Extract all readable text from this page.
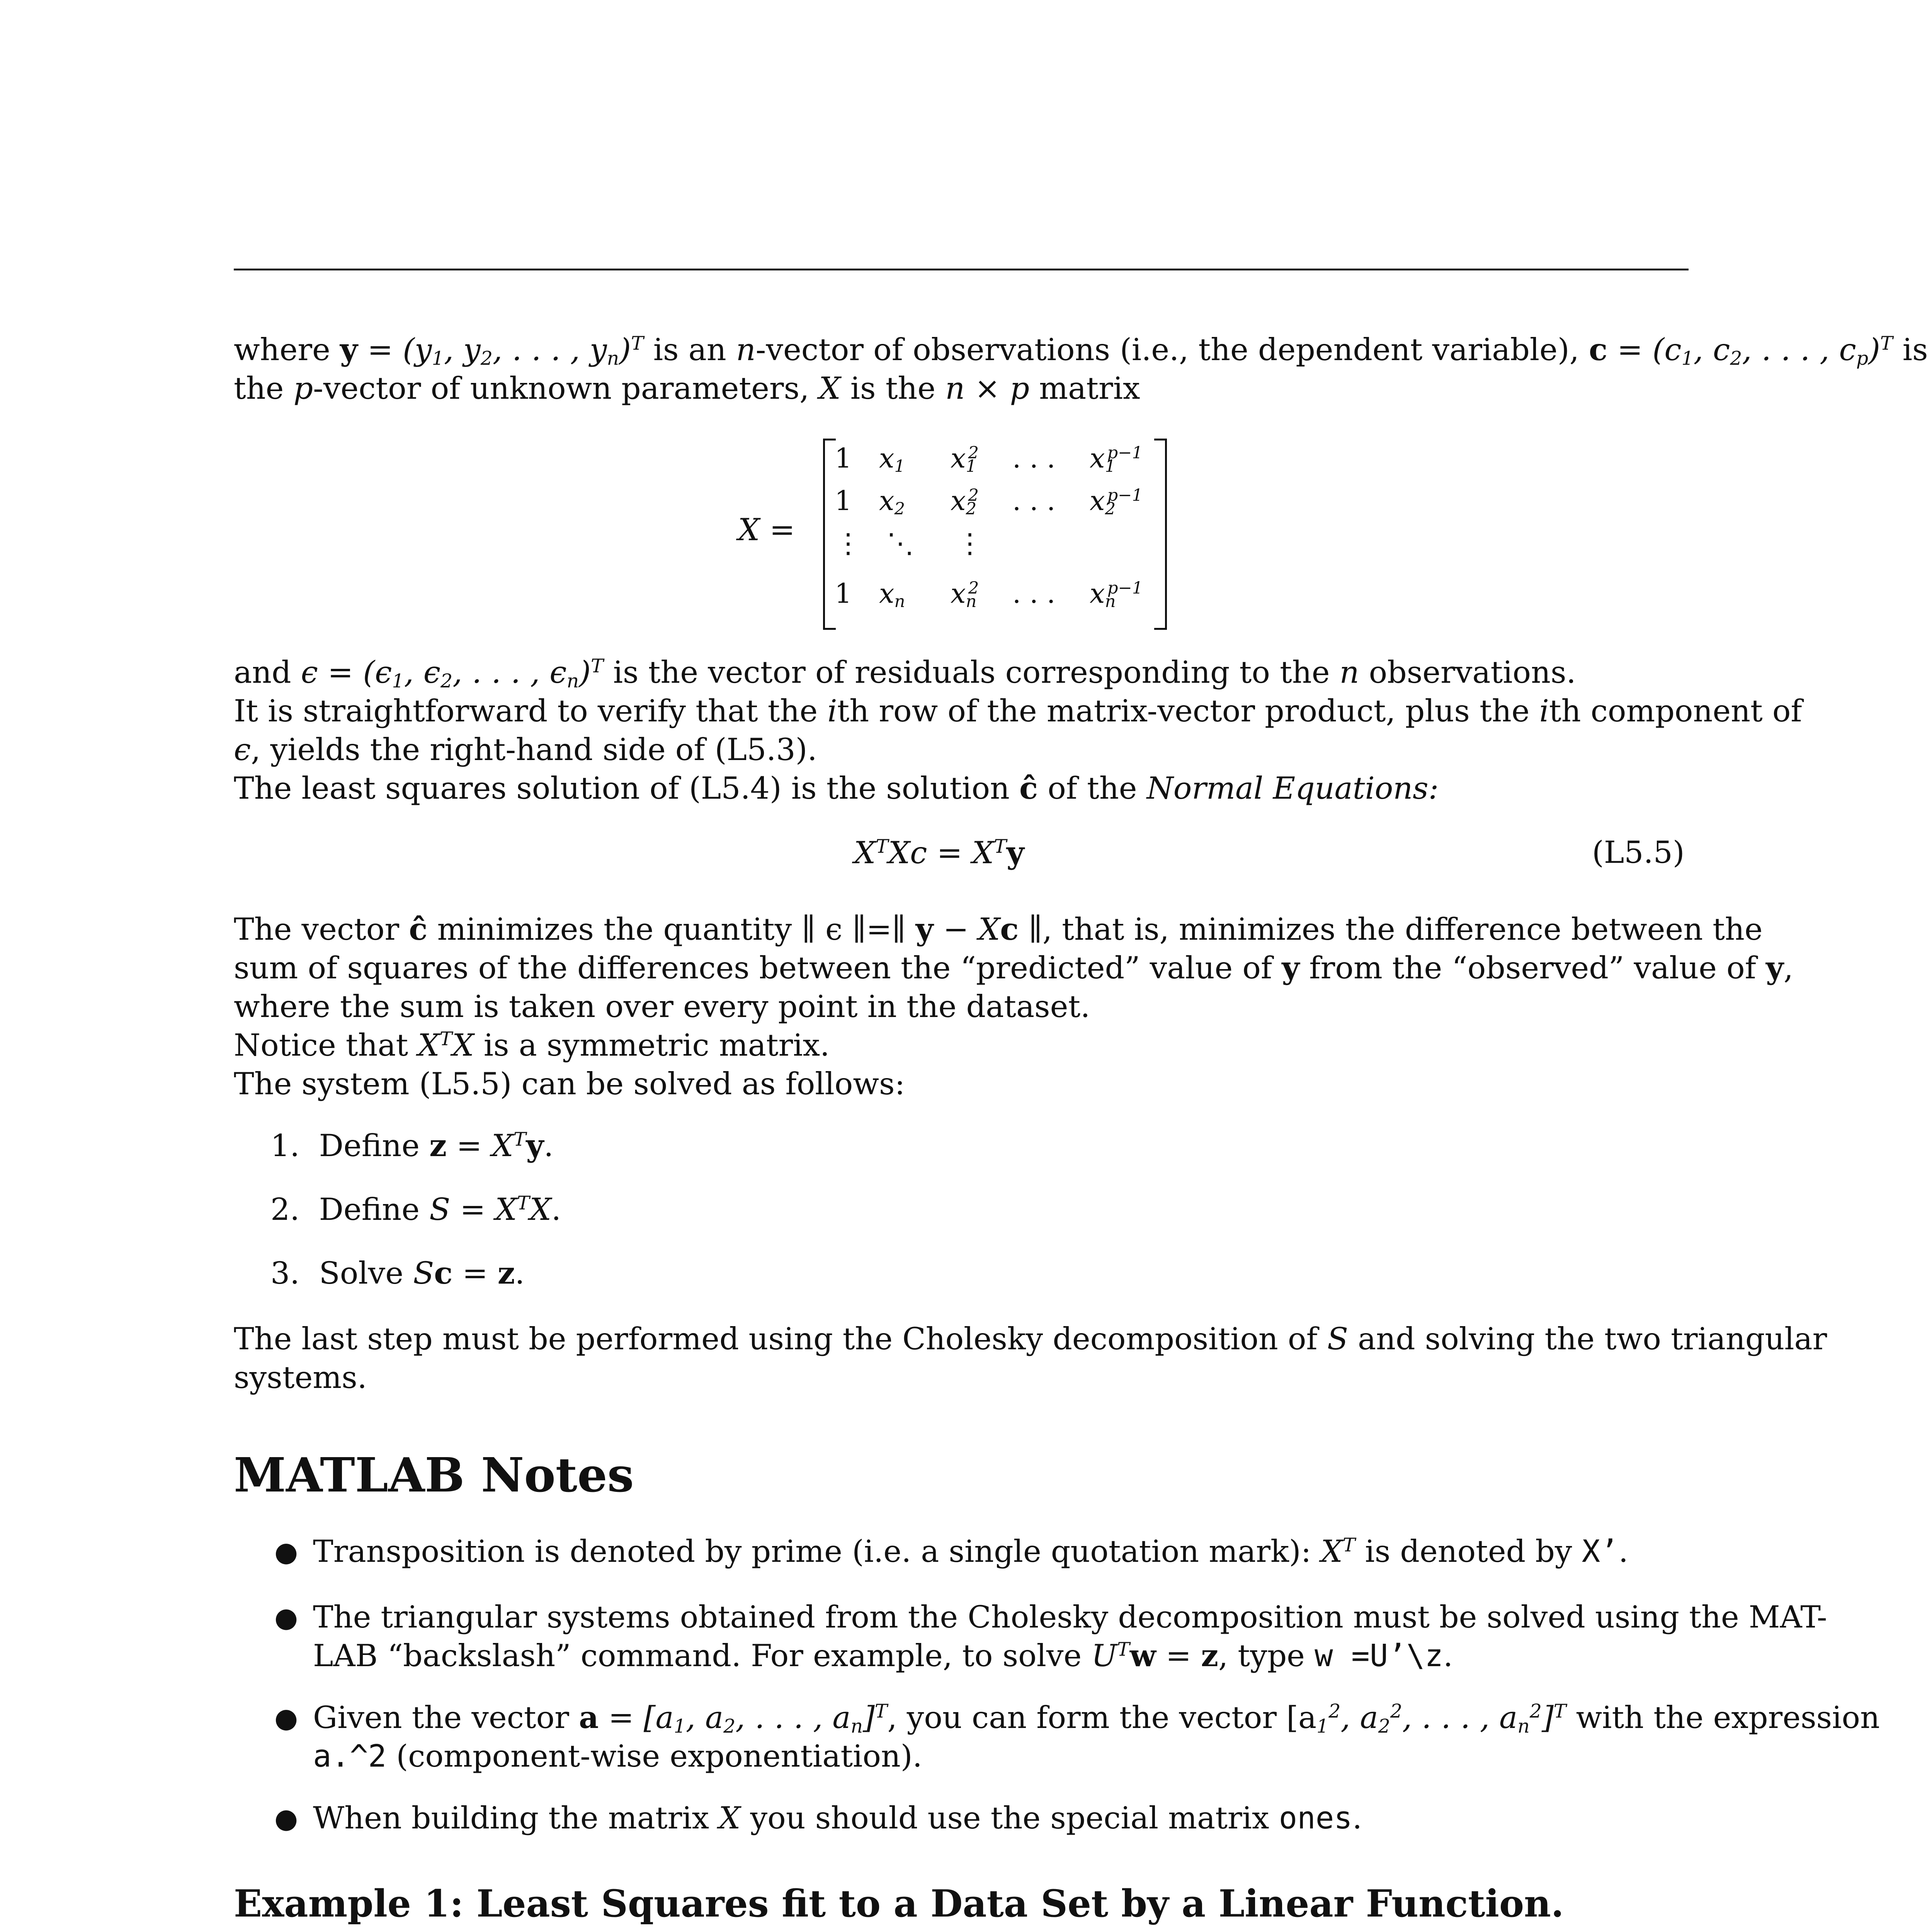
where $y = (y_1$, $y_2$, . . . , $y_n)^T$ is an n-vector of observations (i.e., the dependent variable), $c = (c_1$, $c_2$, . . . , $c_p)^T$ is
the p-vector of unknown parameters, X is the n × p matrix
X =
1 $x_1$ $x_1^2$ . . . $x_1^{p-1}$
1 $x_2$ $x_2^2$ . . . $x_2^{p-1}$
⋮ ⋱ ⋮
1 $x_n$ $x_n^2$ . . . $x_n^{p-1}$
and $\epsilon = (\epsilon_1$, $\epsilon_2$, . . . , $\epsilon_n)^T$ is the vector of residuals corresponding to the n observations.
It is straightforward to verify that the ith row of the matrix-vector product, plus the ith component of
ϵ, yields the right-hand side of (L5.3).
The least squares solution of (L5.4) is the solution ĉ of the Normal Equations:
$X^TXc = X^Ty$	(L5.5)
The vector ĉ minimizes the quantity ∥ ϵ ∥=∥ y − Xc ∥, that is, minimizes the difference between the
sum of squares of the differences between the “predicted” value of y from the “observed” value of y,
where the sum is taken over every point in the dataset.
Notice that $X^TX$ is a symmetric matrix.
The system (L5.5) can be solved as follows:
1. Define $z = X^Ty$.
2. Define $S = X^TX$.
3. Solve Sc = z.
The last step must be performed using the Cholesky decomposition of S and solving the two triangular
systems.
MATLAB Notes
● Transposition is denoted by prime (i.e. a single quotation mark): $X^T$ is denoted by X’.
● The triangular systems obtained from the Cholesky decomposition must be solved using the MAT-
LAB “backslash” command. For example, to solve $U^Tw = z$, type w =U’\z.
● Given the vector $a = [a_1$, $a_2$, . . . , $a_n]^T$, you can form the vector [$a_1^2$, $a_2^2$, . . . , $a_n^2]^T$ with the expression
a.^2 (component-wise exponentiation).
● When building the matrix X you should use the special matrix ones.
Example 1: Least Squares fit to a Data Set by a Linear Function.
